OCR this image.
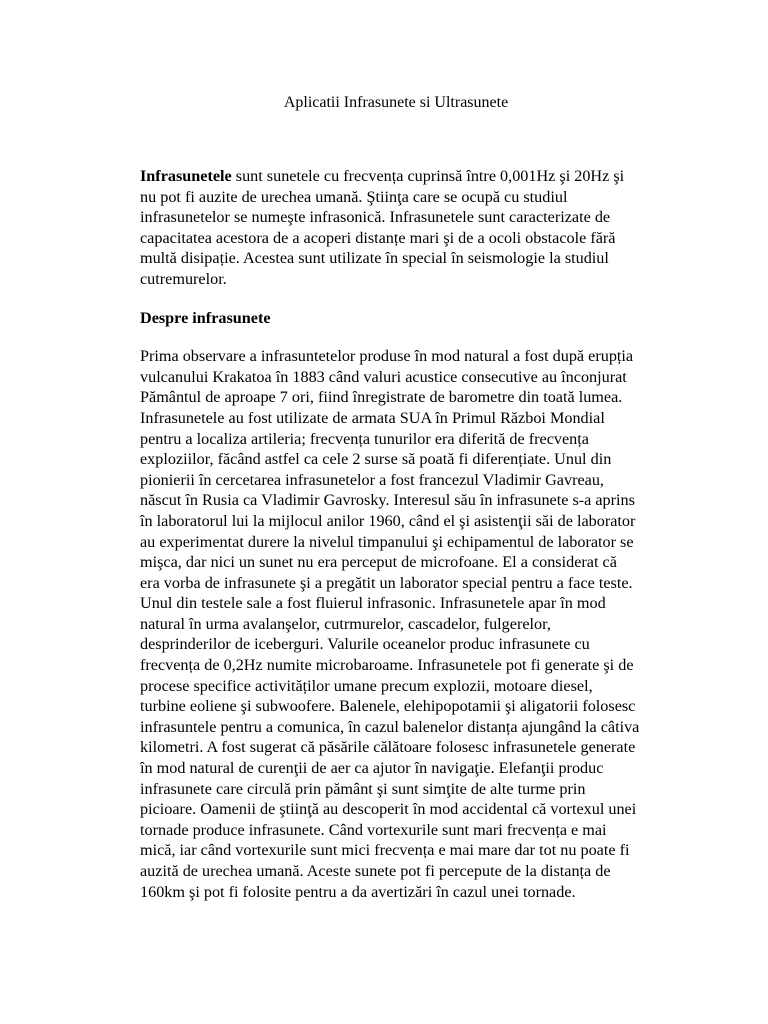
Aplicatii Infrasunete si Ultrasunete

Infrasunetele sunt sunetele cu frecvența cuprinsă între 0,001Hz şi 20Hz şi nu pot fi auzite de urechea umană. Ştiinţa care se ocupă cu studiul infrasunetelor se numeşte infrasonică. Infrasunetele sunt caracterizate de capacitatea acestora de a acoperi distanțe mari şi de a ocoli obstacole fără multă disipație. Acestea sunt utilizate în special în seismologie la studiul cutremurelor.

Despre infrasunete

Prima observare a infrasuntetelor produse în mod natural a fost după erupția vulcanului Krakatoa în 1883 când valuri acustice consecutive au înconjurat Pământul de aproape 7 ori, fiind înregistrate de barometre din toată lumea. Infrasunetele au fost utilizate de armata SUA în Primul Război Mondial pentru a localiza artileria; frecvența tunurilor era diferită de frecvența exploziilor, făcând astfel ca cele 2 surse să poată fi diferențiate. Unul din pionierii în cercetarea infrasunetelor a fost francezul Vladimir Gavreau, născut în Rusia ca Vladimir Gavrosky. Interesul său în infrasunete s-a aprins în laboratorul lui la mijlocul anilor 1960, când el şi asistenţii săi de laborator au experimentat durere la nivelul timpanului şi echipamentul de laborator se mişca, dar nici un sunet nu era perceput de microfoane. El a considerat că era vorba de infrasunete şi a pregătit un laborator special pentru a face teste. Unul din testele sale a fost fluierul infrasonic. Infrasunetele apar în mod natural în urma avalanşelor, cutrmurelor, cascadelor, fulgerelor, desprinderilor de iceberguri. Valurile oceanelor produc infrasunete cu frecvența de 0,2Hz numite microbaroame. Infrasunetele pot fi generate şi de procese specifice activităților umane precum explozii, motoare diesel, turbine eoliene şi subwoofere. Balenele, elehipopotamii şi aligatorii folosesc infrasuntele pentru a comunica, în cazul balenelor distanța ajungând la câtiva kilometri. A fost sugerat că păsările călătoare folosesc infrasunetele generate în mod natural de curenţii de aer ca ajutor în navigaţie. Elefanţii produc infrasunete care circulă prin pământ şi sunt simţite de alte turme prin picioare. Oamenii de ştiinţă au descoperit în mod accidental că vortexul unei tornade produce infrasunete. Când vortexurile sunt mari frecvența e mai mică, iar când vortexurile sunt mici frecvența e mai mare dar tot nu poate fi auzită de urechea umană. Aceste sunete pot fi percepute de la distanța de 160km şi pot fi folosite pentru a da avertizări în cazul unei tornade.
